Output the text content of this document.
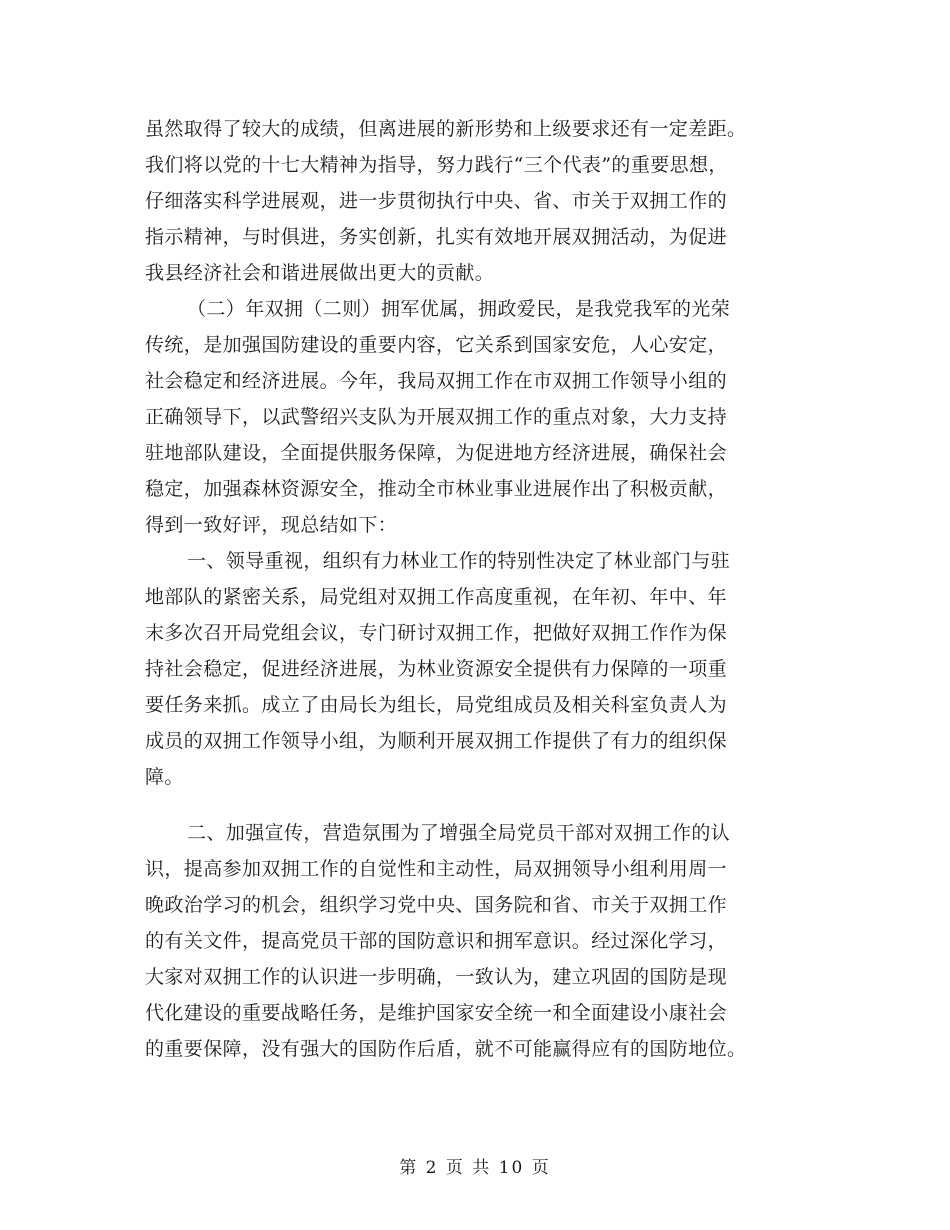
虽然取得了较大的成绩，但离进展的新形势和上级要求还有一定差距。
我们将以党的十七大精神为指导，努力践行“三个代表”的重要思想，
仔细落实科学进展观，进一步贯彻执行中央、省、市关于双拥工作的
指示精神，与时俱进，务实创新，扎实有效地开展双拥活动，为促进
我县经济社会和谐进展做出更大的贡献。
（二）年双拥（二则）拥军优属，拥政爱民，是我党我军的光荣
传统，是加强国防建设的重要内容，它关系到国家安危，人心安定，
社会稳定和经济进展。今年，我局双拥工作在市双拥工作领导小组的
正确领导下，以武警绍兴支队为开展双拥工作的重点对象，大力支持
驻地部队建设，全面提供服务保障，为促进地方经济进展，确保社会
稳定，加强森林资源安全，推动全市林业事业进展作出了积极贡献，
得到一致好评，现总结如下：
一、领导重视，组织有力林业工作的特别性决定了林业部门与驻
地部队的紧密关系，局党组对双拥工作高度重视，在年初、年中、年
末多次召开局党组会议，专门研讨双拥工作，把做好双拥工作作为保
持社会稳定，促进经济进展，为林业资源安全提供有力保障的一项重
要任务来抓。成立了由局长为组长，局党组成员及相关科室负责人为
成员的双拥工作领导小组，为顺利开展双拥工作提供了有力的组织保
障。
二、加强宣传，营造氛围为了增强全局党员干部对双拥工作的认
识，提高参加双拥工作的自觉性和主动性，局双拥领导小组利用周一
晚政治学习的机会，组织学习党中央、国务院和省、市关于双拥工作
的有关文件，提高党员干部的国防意识和拥军意识。经过深化学习，
大家对双拥工作的认识进一步明确，一致认为，建立巩固的国防是现
代化建设的重要战略任务，是维护国家安全统一和全面建设小康社会
的重要保障，没有强大的国防作后盾，就不可能赢得应有的国防地位。
第 2 页 共 10 页
